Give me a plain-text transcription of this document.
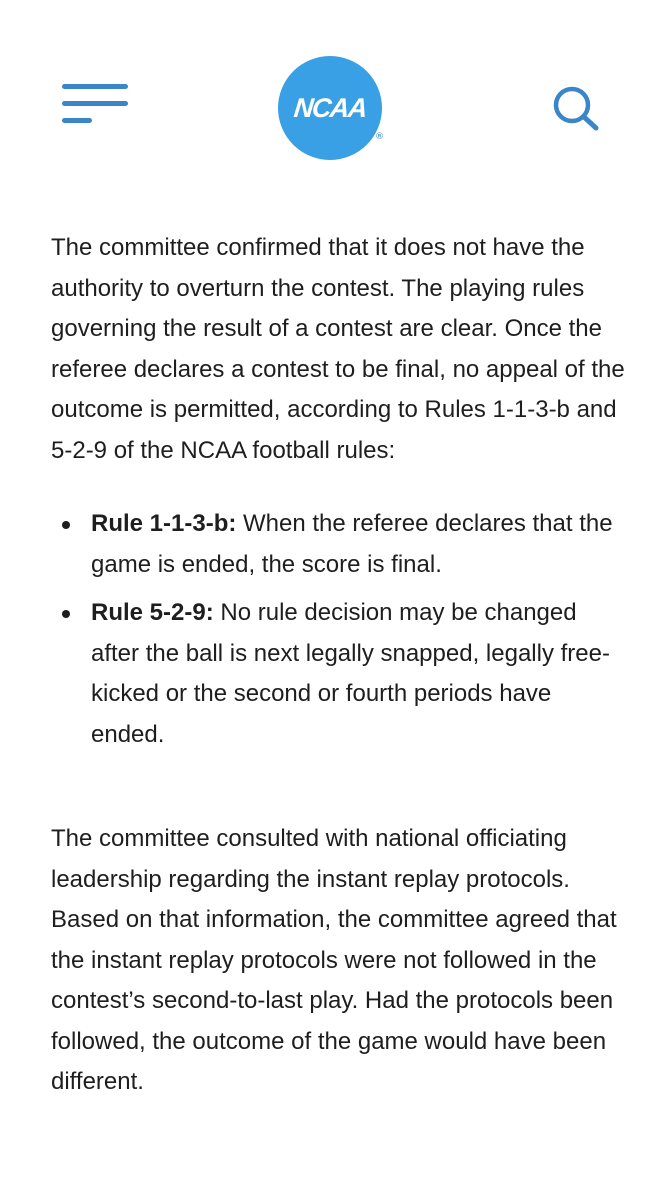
NCAA
®

The committee confirmed that it does not have the authority to overturn the contest. The playing rules governing the result of a contest are clear. Once the referee declares a contest to be final, no appeal of the outcome is permitted, according to Rules 1-1-3-b and 5-2-9 of the NCAA football rules:

Rule 1-1-3-b: When the referee declares that the game is ended, the score is final.
Rule 5-2-9: No rule decision may be changed after the ball is next legally snapped, legally free-kicked or the second or fourth periods have ended.

The committee consulted with national officiating leadership regarding the instant replay protocols. Based on that information, the committee agreed that the instant replay protocols were not followed in the contest’s second-to-last play. Had the protocols been followed, the outcome of the game would have been different.
